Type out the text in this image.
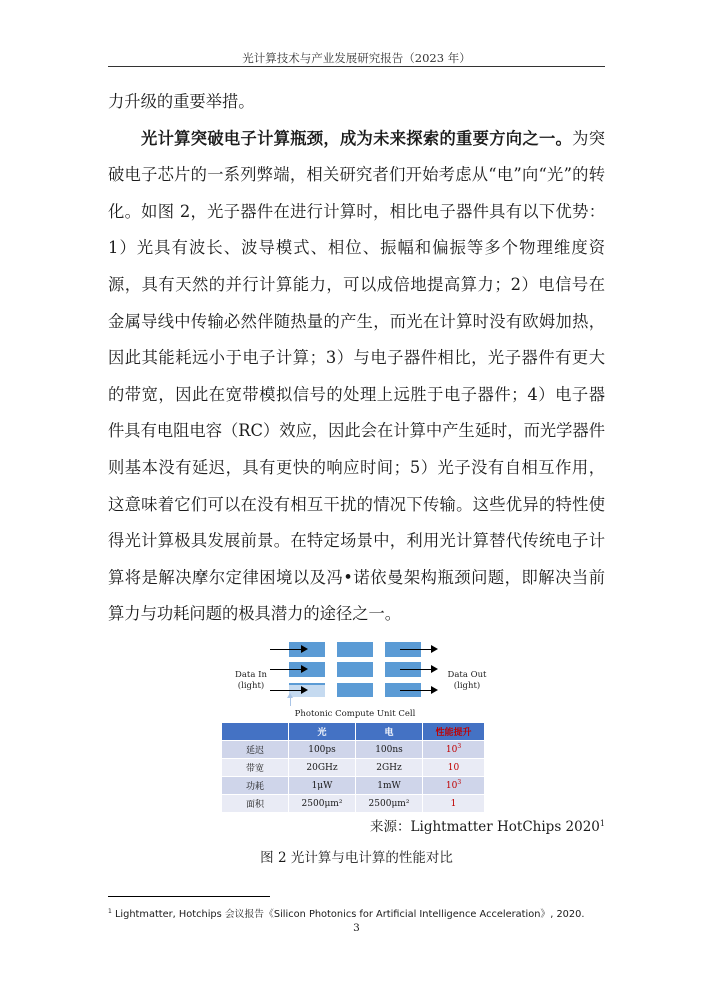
光计算技术与产业发展研究报告（2023 年）

力升级的重要举措。

光计算突破电子计算瓶颈，成为未来探索的重要方向之一。为突破电子芯片的一系列弊端，相关研究者们开始考虑从“电”向“光”的转化。如图 2，光子器件在进行计算时，相比电子器件具有以下优势：1）光具有波长、波导模式、相位、振幅和偏振等多个物理维度资源，具有天然的并行计算能力，可以成倍地提高算力；2）电信号在金属导线中传输必然伴随热量的产生，而光在计算时没有欧姆加热，因此其能耗远小于电子计算；3）与电子器件相比，光子器件有更大的带宽，因此在宽带模拟信号的处理上远胜于电子器件；4）电子器件具有电阻电容（RC）效应，因此会在计算中产生延时，而光学器件则基本没有延迟，具有更快的响应时间；5）光子没有自相互作用，这意味着它们可以在没有相互干扰的情况下传输。这些优异的特性使得光计算极具发展前景。在特定场景中，利用光计算替代传统电子计算将是解决摩尔定律困境以及冯•诺依曼架构瓶颈问题，即解决当前算力与功耗问题的极具潜力的途径之一。

Data In
(light)
Data Out
(light)
Photonic Compute Unit Cell
	光	电	性能提升
延迟	100ps	100ns	$10^3$
带宽	20GHz	2GHz	10
功耗	1μW	1mW	$10^3$
面积	2500μm²	2500μm²	1
来源：Lightmatter HotChips 2020$^1$
图 2 光计算与电计算的性能对比
$^1$ Lightmatter, Hotchips 会议报告《Silicon Photonics for Artificial Intelligence Acceleration》, 2020.
3
